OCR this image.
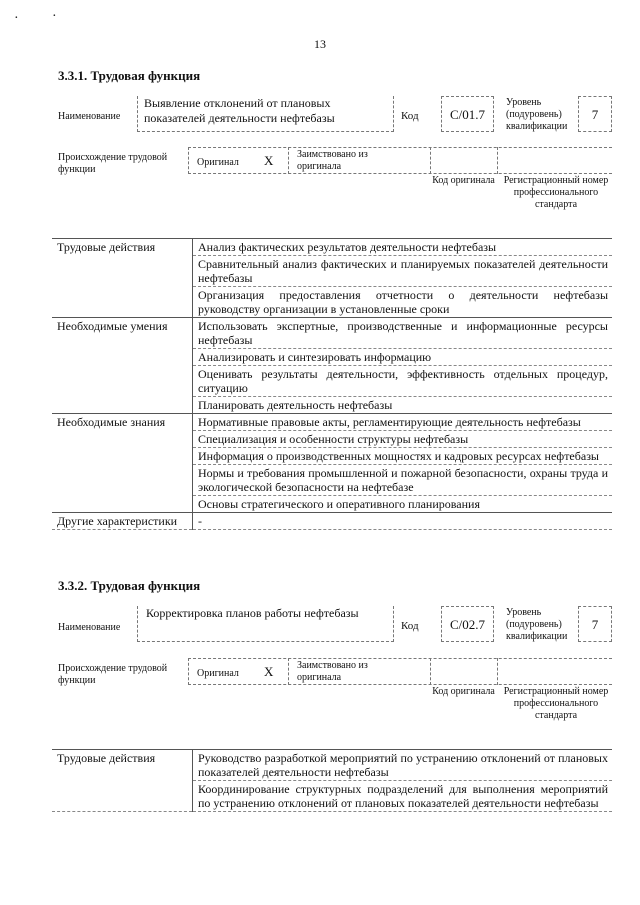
· ·
13
3.3.1. Трудовая функция
Наименование
Выявление отклонений от плановых показателей деятельности нефтебазы	Код	C/01.7
Уровень (подуровень) квалификации
7
Происхождение трудовой функции
Оригинал X Заимствовано из оригинала
Код оригинала Регистрационный номер профессионального стандарта
Трудовые действия	Анализ фактических результатов деятельности нефтебазы
	Сравнительный анализ фактических и планируемых показателей деятельности нефтебазы
	Организация предоставления отчетности о деятельности нефтебазы руководству организации в установленные сроки
Необходимые умения	Использовать экспертные, производственные и информационные ресурсы нефтебазы
	Анализировать и синтезировать информацию
	Оценивать результаты деятельности, эффективность отдельных процедур, ситуацию
	Планировать деятельность нефтебазы
Необходимые знания	Нормативные правовые акты, регламентирующие деятельность нефтебазы
	Специализация и особенности структуры нефтебазы
	Информация о производственных мощностях и кадровых ресурсах нефтебазы
	Нормы и требования промышленной и пожарной безопасности, охраны труда и экологической безопасности на нефтебазе
	Основы стратегического и оперативного планирования
Другие характеристики	-
3.3.2. Трудовая функция
Наименование
Корректировка планов работы нефтебазы
Код	C/02.7
Уровень (подуровень) квалификации
7
Происхождение трудовой функции
Оригинал X Заимствовано из оригинала
Код оригинала Регистрационный номер профессионального стандарта
Трудовые действия	Руководство разработкой мероприятий по устранению отклонений от плановых показателей деятельности нефтебазы
Координирование структурных подразделений для выполнения мероприятий по устранению отклонений от плановых показателей деятельности нефтебазы
